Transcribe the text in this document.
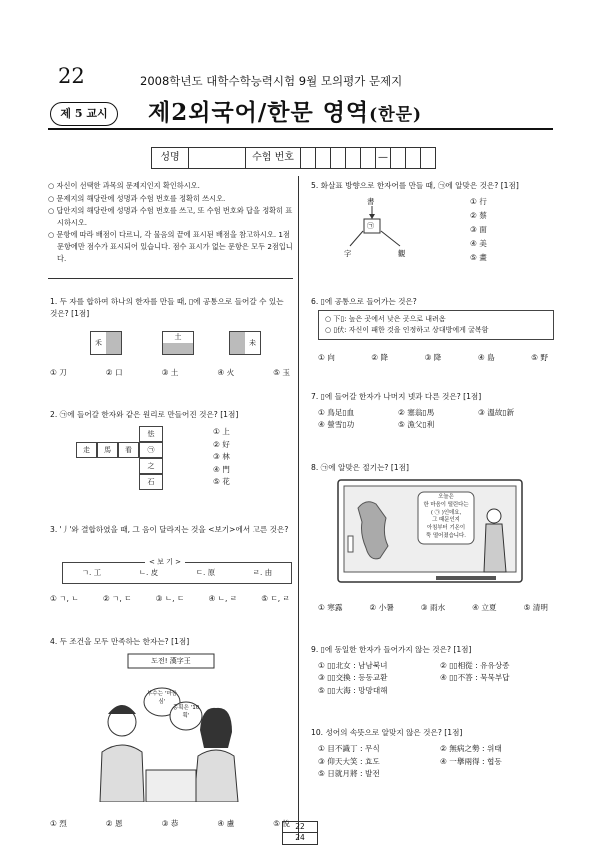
22	2008학년도 대학수학능력시험 9월 모의평가 문제지
제 5 교시	제2외국어/한문 영역(한문)
성명	수험 번호	—

○ 자신이 선택한 과목의 문제지인지 확인하시오.

○ 문제지의 해당란에 성명과 수험 번호를 정확히 쓰시오.

○ 답안지의 해당란에 성명과 수험 번호를 쓰고, 또 수험 번호와 답을 정확히 표시하시오.

○ 문항에 따라 배점이 다르니, 각 물음의 끝에 표시된 배점을 참고하시오. 1점 문항에만 점수가 표시되어 있습니다. 점수 표시가 없는 문항은 모두 2점입니다.

1. 두 자를 합하여 하나의 한자를 만들 때, ▯에 공통으로 들어갈 수 있는 것은? [1점]
禾
土
未
① 刀	② 口	③ 土	④ 火	⑤ 玉
2. ㉠에 들어갈 한자와 같은 원리로 만들어진 것은? [1점]
怯
走	馬	看	㉠
之
石
① 上
② 好
③ 林
④ 門
⑤ 花
3. '丿'와 결합하였을 때, 그 음이 달라지는 것을 <보기>에서 고른 것은?
< 보 기 >
ㄱ. 工	ㄴ. 皮	ㄷ. 原	ㄹ. 由
① ㄱ, ㄴ	② ㄱ, ㄷ	③ ㄴ, ㄷ	④ ㄴ, ㄹ	⑤ ㄷ, ㄹ
4. 두 조건을 모두 만족하는 한자는? [1점]
도전! 漢字王
부수는 '마음 심'
총획은 '10획'
① 烈	② 恩	③ 恭	④ 慮	⑤ 悅
5. 화살표 방향으로 한자어를 만들 때, ㉠에 알맞은 것은? [1점]
書
㉠
字	觀
① 行
② 蔡
③ 面
④ 美
⑤ 畫
6. ▯에 공통으로 들어가는 것은?
○ 下▯: 높은 곳에서 낮은 곳으로 내려옴
○ ▯伏: 자신이 패한 것을 인정하고 상대방에게 굴복함
① 向	② 降	③ 降	④ 島	⑤ 野
7. ▯에 들어갈 한자가 나머지 넷과 다른 것은? [1점]
① 鳥足▯血	② 塞翁▯馬	③ 溫故▯新
④ 螢雪▯功	⑤ 漁父▯利
8. ㉠에 알맞은 절기는? [1점]
오늘은
한 마음이 떨린다는
( ㉠ )인데요,
그 때문인지
아침부터 기온이
뚝 떨어졌습니다.
① 寒露	② 小暑	③ 雨水	④ 立夏	⑤ 清明
9. ▯에 동일한 한자가 들어가지 않는 것은? [1점]
① ▯▯北女 : 남남북녀	② ▯▯相從 : 유유상종
③ ▯▯交換 : 등동교환	④ ▯▯不答 : 묵묵부답
⑤ ▯▯大海 : 망망대해
10. 성어의 속뜻으로 알맞지 않은 것은? [1점]
① 目不識丁 : 무식	② 無病之勢 : 위태
③ 仰天大笑 : 효도	④ 一擧兩得 : 협동
⑤ 日就月將 : 발전
22
24
